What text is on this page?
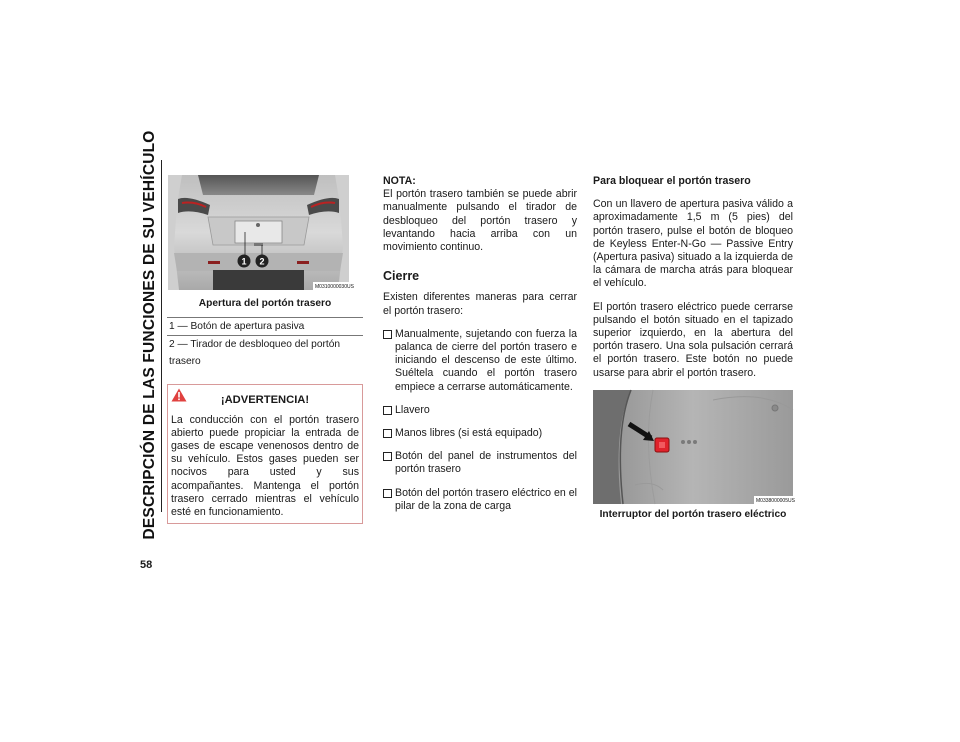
DESCRIPCIÓN DE LAS FUNCIONES DE SU VEHÍCULO
58
1 2
M0310000030US
Apertura del portón trasero
1 — Botón de apertura pasiva
2 — Tirador de desbloqueo del portón trasero
¡ADVERTENCIA!
La conducción con el portón trasero abierto puede propiciar la entrada de gases de escape venenosos dentro de su vehículo. Estos gases pueden ser nocivos para usted y sus acompañantes. Mantenga el portón trasero cerrado mientras el vehículo esté en funcionamiento.
NOTA:

El portón trasero también se puede abrir manualmente pulsando el tirador de desbloqueo del portón trasero y levantando hacia arriba con un movimiento continuo.

Cierre

Existen diferentes maneras para cerrar el portón trasero:

Manualmente, sujetando con fuerza la palanca de cierre del portón trasero e iniciando el descenso de este último. Suéltela cuando el portón trasero empiece a cerrarse automáticamente.
Llavero
Manos libres (si está equipado)
Botón del panel de instrumentos del portón trasero
Botón del portón trasero eléctrico en el pilar de la zona de carga
Para bloquear el portón trasero

Con un llavero de apertura pasiva válido a aproximadamente 1,5 m (5 pies) del portón trasero, pulse el botón de bloqueo de Keyless Enter-N-Go — Passive Entry (Apertura pasiva) situado a la izquierda de la cámara de marcha atrás para bloquear el vehículo.

El portón trasero eléctrico puede cerrarse pulsando el botón situado en el tapizado superior izquierdo, en la abertura del portón trasero. Una sola pulsación cerrará el portón trasero. Este botón no puede usarse para abrir el portón trasero.

M0338000005US
Interruptor del portón trasero eléctrico
